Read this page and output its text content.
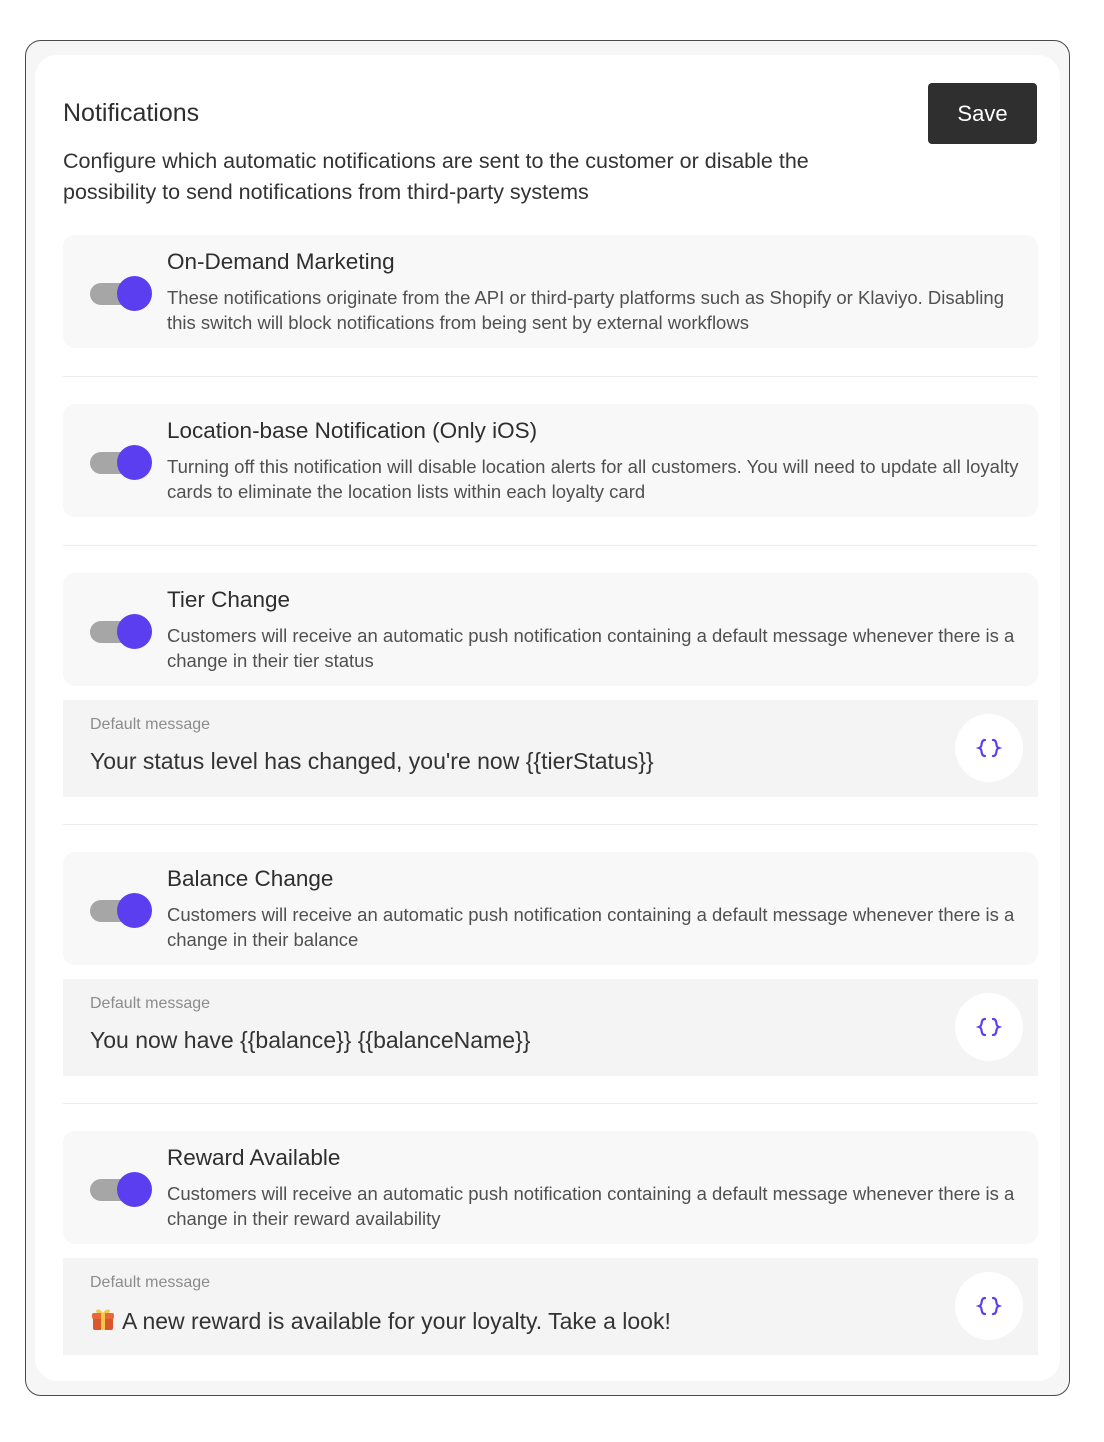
Notifications
Configure which automatic notifications are sent to the customer or disable the possibility to send notifications from third-party systems
Save
On-Demand Marketing
These notifications originate from the API or third-party platforms such as Shopify or Klaviyo. Disabling this switch will block notifications from being sent by external workflows
Location-base Notification (Only iOS)
Turning off this notification will disable location alerts for all customers. You will need to update all loyalty cards to eliminate the location lists within each loyalty card
Tier Change
Customers will receive an automatic push notification containing a default message whenever there is a change in their tier status
Default message
Your status level has changed, you're now {{tierStatus}}
Balance Change
Customers will receive an automatic push notification containing a default message whenever there is a change in their balance
Default message
You now have {{balance}} {{balanceName}}
Reward Available
Customers will receive an automatic push notification containing a default message whenever there is a change in their reward availability
Default message
A new reward is available for your loyalty. Take a look!
